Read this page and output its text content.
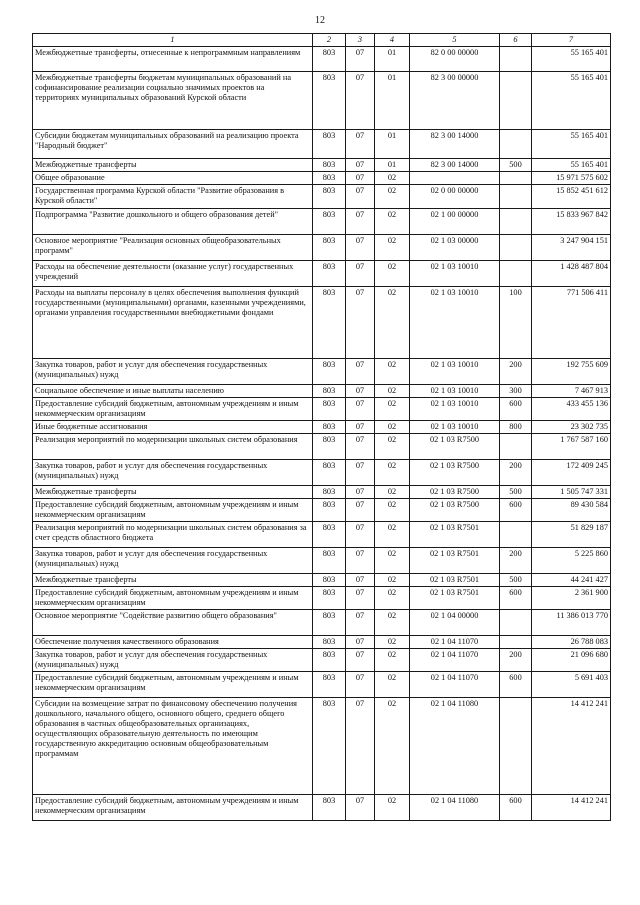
12
1	2	3	4	5	6	7
Межбюджетные трансферты, отнесенные к непрограммным направлениям	803	07	01	82 0 00 00000		55 165 401
Межбюджетные трансферты бюджетам муниципальных образований на софинансирование реализации социально значимых проектов на территориях муниципальных образований Курской области	803	07	01	82 3 00 00000		55 165 401
Субсидии бюджетам муниципальных образований на реализацию проекта "Народный бюджет"	803	07	01	82 3 00 14000		55 165 401
Межбюджетные трансферты	803	07	01	82 3 00 14000	500	55 165 401
Общее образование	803	07	02			15 971 575 602
Государственная программа Курской области "Развитие образования в Курской области"	803	07	02	02 0 00 00000		15 852 451 612
Подпрограмма "Развитие дошкольного и общего образования детей"	803	07	02	02 1 00 00000		15 833 967 842
Основное мероприятие "Реализация основных общеобразовательных программ"	803	07	02	02 1 03 00000		3 247 904 151
Расходы на обеспечение деятельности (оказание услуг) государственных учреждений	803	07	02	02 1 03 10010		1 428 487 804
Расходы на выплаты персоналу в целях обеспечения выполнения функций государственными (муниципальными) органами, казенными учреждениями, органами управления государственными внебюджетными фондами	803	07	02	02 1 03 10010	100	771 506 411
Закупка товаров, работ и услуг для обеспечения государственных (муниципальных) нужд	803	07	02	02 1 03 10010	200	192 755 609
Социальное обеспечение и иные выплаты населению	803	07	02	02 1 03 10010	300	7 467 913
Предоставление субсидий бюджетным, автономным учреждениям и иным некоммерческим организациям	803	07	02	02 1 03 10010	600	433 455 136
Иные бюджетные ассигнования	803	07	02	02 1 03 10010	800	23 302 735
Реализация мероприятий по модернизации школьных систем образования	803	07	02	02 1 03 R7500		1 767 587 160
Закупка товаров, работ и услуг для обеспечения государственных (муниципальных) нужд	803	07	02	02 1 03 R7500	200	172 409 245
Межбюджетные трансферты	803	07	02	02 1 03 R7500	500	1 505 747 331
Предоставление субсидий бюджетным, автономным учреждениям и иным некоммерческим организациям	803	07	02	02 1 03 R7500	600	89 430 584
Реализация мероприятий по модернизации школьных систем образования за счет средств областного бюджета	803	07	02	02 1 03 R7501		51 829 187
Закупка товаров, работ и услуг для обеспечения государственных (муниципальных) нужд	803	07	02	02 1 03 R7501	200	5 225 860
Межбюджетные трансферты	803	07	02	02 1 03 R7501	500	44 241 427
Предоставление субсидий бюджетным, автономным учреждениям и иным некоммерческим организациям	803	07	02	02 1 03 R7501	600	2 361 900
Основное мероприятие "Содействие развитию общего образования"	803	07	02	02 1 04 00000		11 386 013 770
Обеспечение получения качественного образования	803	07	02	02 1 04 11070		26 788 083
Закупка товаров, работ и услуг для обеспечения государственных (муниципальных) нужд	803	07	02	02 1 04 11070	200	21 096 680
Предоставление субсидий бюджетным, автономным учреждениям и иным некоммерческим организациям	803	07	02	02 1 04 11070	600	5 691 403
Субсидии на возмещение затрат по финансовому обеспечению получения дошкольного, начального общего, основного общего, среднего общего образования в частных общеобразовательных организациях, осуществляющих образовательную деятельность по имеющим государственную аккредитацию основным общеобразовательным программам	803	07	02	02 1 04 11080		14 412 241
Предоставление субсидий бюджетным, автономным учреждениям и иным некоммерческим организациям	803	07	02	02 1 04 11080	600	14 412 241
